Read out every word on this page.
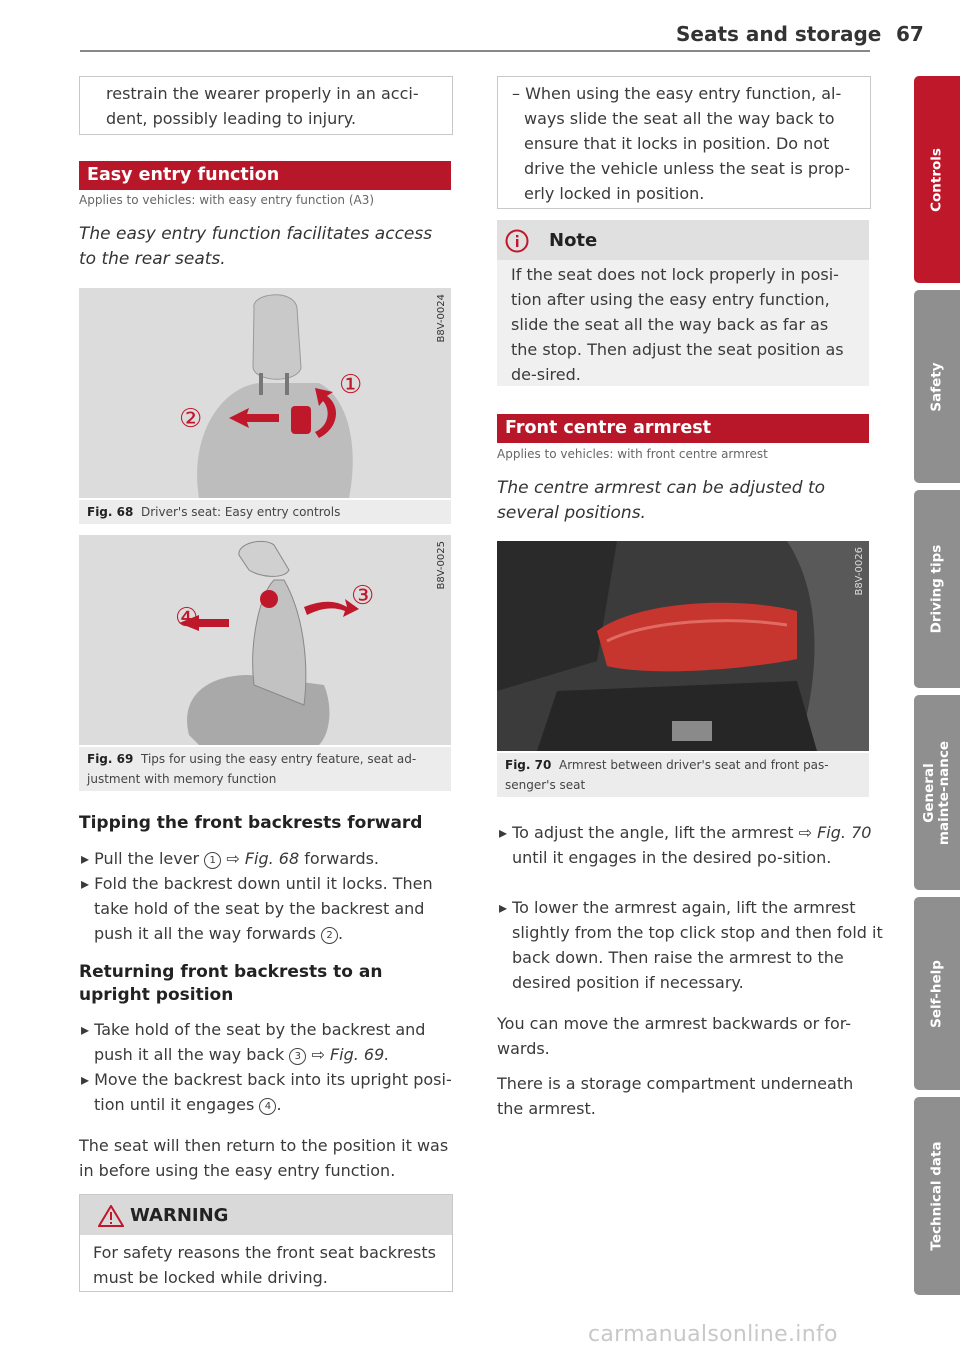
Seats and storage 67
restrain the wearer properly in an acci-
dent, possibly leading to injury.
Easy entry function
Applies to vehicles: with easy entry function (A3)
The easy entry function facilitates access to the rear seats.
B8V-0024
①
②
Fig. 68 Driver's seat: Easy entry controls
B8V-0025
③
④
Fig. 69 Tips for using the easy entry feature, seat ad-justment with memory function
Tipping the front backrests forward
▸ Pull the lever 1 ⇨ Fig. 68 forwards.
▸ Fold the backrest down until it locks. Then take hold of the seat by the backrest and push it all the way forwards 2 .
Returning front backrests to an upright position
▸ Take hold of the seat by the backrest and push it all the way back 3 ⇨ Fig. 69.
▸ Move the backrest back into its upright posi-tion until it engages 4 .
The seat will then return to the position it was in before using the easy entry function.
WARNING
For safety reasons the front seat backrests must be locked while driving.
– When using the easy entry function, al-ways slide the seat all the way back to ensure that it locks in position. Do not drive the vehicle unless the seat is prop-erly locked in position.
Note
If the seat does not lock properly in posi-tion after using the easy entry function, slide the seat all the way back as far as the stop. Then adjust the seat position as de-sired.
Front centre armrest
Applies to vehicles: with front centre armrest
The centre armrest can be adjusted to several positions.
B8V-0026
Fig. 70 Armrest between driver's seat and front pas-senger's seat
▸ To adjust the angle, lift the armrest ⇨ Fig. 70 until it engages in the desired po-sition.
▸ To lower the armrest again, lift the armrest slightly from the top click stop and then fold it back down. Then raise the armrest to the desired position if necessary.
You can move the armrest backwards or for-wards.
There is a storage compartment underneath the armrest.
Controls
Safety
Driving tips
General mainte-nance
Self-help
Technical data
carmanualsonline.info
